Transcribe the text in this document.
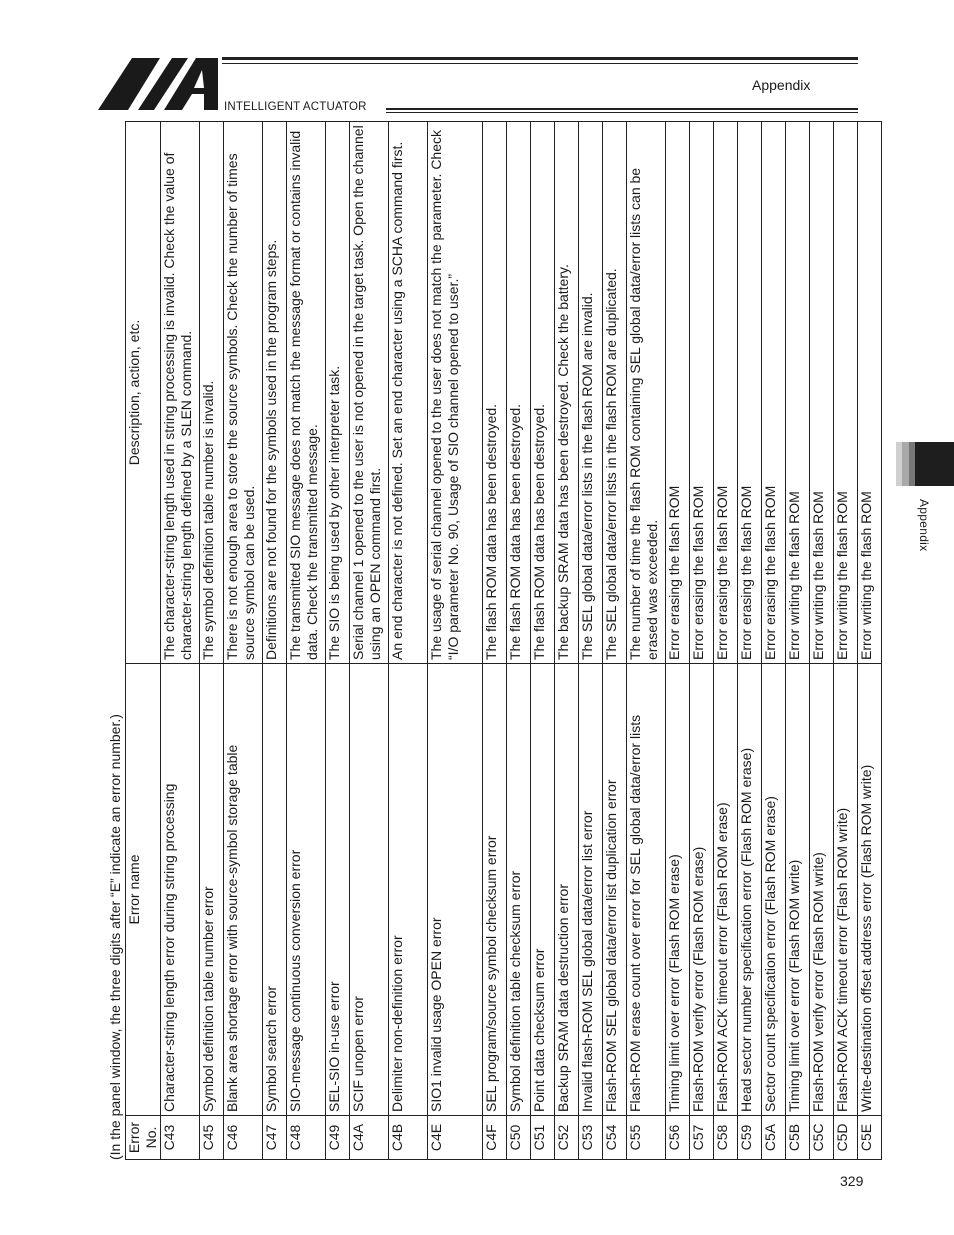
INTELLIGENT ACTUATOR
Appendix
Appendix
(In the panel window, the three digits after “E” indicate an error number.) Error No.	Error name	Description, action, etc.
C43	Character-string length error during string processing	The character-string length used in string processing is invalid. Check the value of character-string length defined by a SLEN command.
C45	Symbol definition table number error	The symbol definition table number is invalid.
C46	Blank area shortage error with source-symbol storage table	There is not enough area to store the source symbols. Check the number of times source symbol can be used.
C47	Symbol search error	Definitions are not found for the symbols used in the program steps.
C48	SIO-message continuous conversion error	The transmitted SIO message does not match the message format or contains invalid data. Check the transmitted message.
C49	SEL-SIO in-use error	The SIO is being used by other interpreter task.
C4A	SCIF unopen error	Serial channel 1 opened to the user is not opened in the target task. Open the channel using an OPEN command first.
C4B	Delimiter non-definition error	An end character is not defined. Set an end character using a SCHA command first.
C4E	SIO1 invalid usage OPEN error	The usage of serial channel opened to the user does not match the parameter. Check “I/O parameter No. 90, Usage of SIO channel opened to user.”
C4F	SEL program/source symbol checksum error	The flash ROM data has been destroyed.
C50	Symbol definition table checksum error	The flash ROM data has been destroyed.
C51	Point data checksum error	The flash ROM data has been destroyed.
C52	Backup SRAM data destruction error	The backup SRAM data has been destroyed. Check the battery.
C53	Invalid flash-ROM SEL global data/error list error	The SEL global data/error lists in the flash ROM are invalid.
C54	Flash-ROM SEL global data/error list duplication error	The SEL global data/error lists in the flash ROM are duplicated.
C55	Flash-ROM erase count over error for SEL global data/error lists	The number of time the flash ROM containing SEL global data/error lists can be erased was exceeded.
C56	Timing limit over error (Flash ROM erase)	Error erasing the flash ROM
C57	Flash-ROM verify error (Flash ROM erase)	Error erasing the flash ROM
C58	Flash-ROM ACK timeout error (Flash ROM erase)	Error erasing the flash ROM
C59	Head sector number specification error (Flash ROM erase)	Error erasing the flash ROM
C5A	Sector count specification error (Flash ROM erase)	Error erasing the flash ROM
C5B	Timing limit over error (Flash ROM write)	Error writing the flash ROM
C5C	Flash-ROM verify error (Flash ROM write)	Error writing the flash ROM
C5D	Flash-ROM ACK timeout error (Flash ROM write)	Error writing the flash ROM
C5E	Write-destination offset address error (Flash ROM write)	Error writing the flash ROM
329
